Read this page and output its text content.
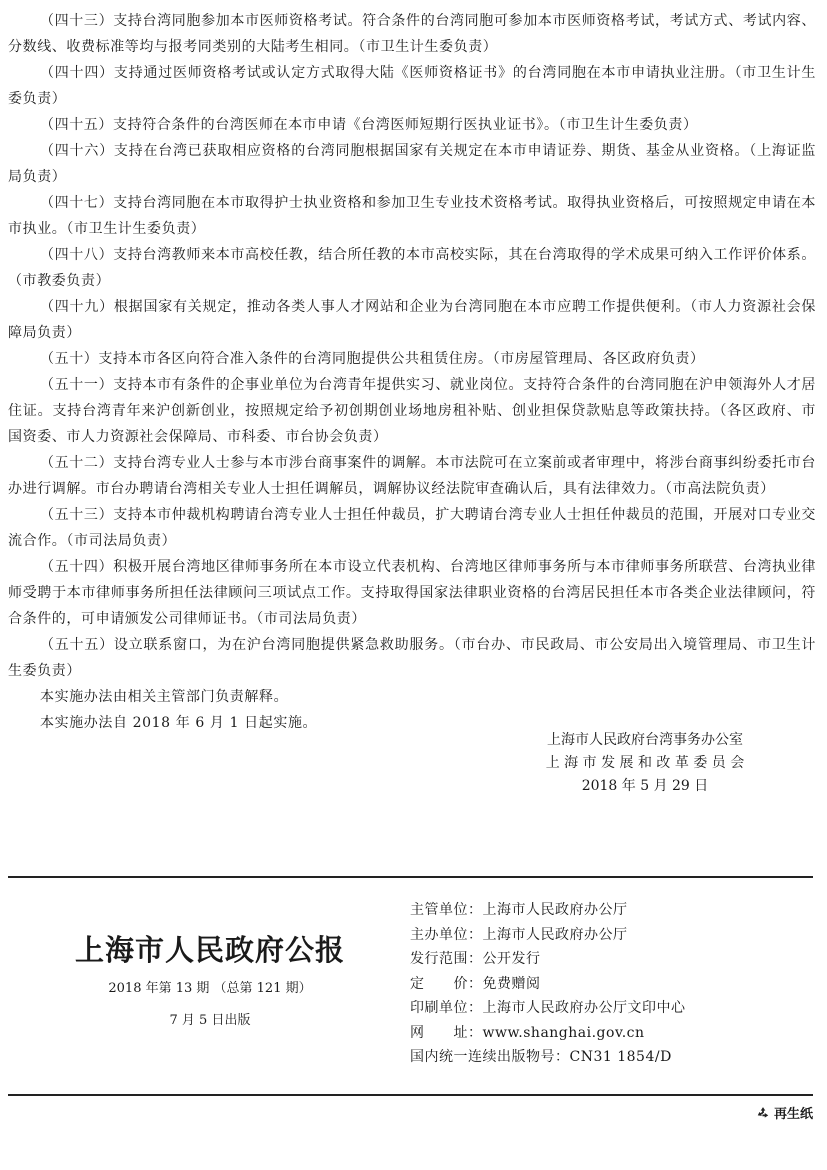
（四十三）支持台湾同胞参加本市医师资格考试。符合条件的台湾同胞可参加本市医师资格考试，考试方式、考试内容、分数线、收费标准等均与报考同类别的大陆考生相同。（市卫生计生委负责）

（四十四）支持通过医师资格考试或认定方式取得大陆《医师资格证书》的台湾同胞在本市申请执业注册。（市卫生计生委负责）

（四十五）支持符合条件的台湾医师在本市申请《台湾医师短期行医执业证书》。（市卫生计生委负责）

（四十六）支持在台湾已获取相应资格的台湾同胞根据国家有关规定在本市申请证券、期货、基金从业资格。（上海证监局负责）

（四十七）支持台湾同胞在本市取得护士执业资格和参加卫生专业技术资格考试。取得执业资格后，可按照规定申请在本市执业。（市卫生计生委负责）

（四十八）支持台湾教师来本市高校任教，结合所任教的本市高校实际，其在台湾取得的学术成果可纳入工作评价体系。（市教委负责）

（四十九）根据国家有关规定，推动各类人事人才网站和企业为台湾同胞在本市应聘工作提供便利。（市人力资源社会保障局负责）

（五十）支持本市各区向符合准入条件的台湾同胞提供公共租赁住房。（市房屋管理局、各区政府负责）

（五十一）支持本市有条件的企事业单位为台湾青年提供实习、就业岗位。支持符合条件的台湾同胞在沪申领海外人才居住证。支持台湾青年来沪创新创业，按照规定给予初创期创业场地房租补贴、创业担保贷款贴息等政策扶持。（各区政府、市国资委、市人力资源社会保障局、市科委、市台协会负责）

（五十二）支持台湾专业人士参与本市涉台商事案件的调解。本市法院可在立案前或者审理中，将涉台商事纠纷委托市台办进行调解。市台办聘请台湾相关专业人士担任调解员，调解协议经法院审查确认后，具有法律效力。（市高法院负责）

（五十三）支持本市仲裁机构聘请台湾专业人士担任仲裁员，扩大聘请台湾专业人士担任仲裁员的范围，开展对口专业交流合作。（市司法局负责）

（五十四）积极开展台湾地区律师事务所在本市设立代表机构、台湾地区律师事务所与本市律师事务所联营、台湾执业律师受聘于本市律师事务所担任法律顾问三项试点工作。支持取得国家法律职业资格的台湾居民担任本市各类企业法律顾问，符合条件的，可申请颁发公司律师证书。（市司法局负责）

（五十五）设立联系窗口，为在沪台湾同胞提供紧急救助服务。（市台办、市民政局、市公安局出入境管理局、市卫生计生委负责）

本实施办法由相关主管部门负责解释。

本实施办法自 2018 年 6 月 1 日起实施。

上海市人民政府台湾事务办公室
上 海 市 发 展 和 改 革 委 员 会
2018 年 5 月 29 日
上海市人民政府公报
2018 年第 13 期 （总第 121 期）
7 月 5 日出版
主管单位：上海市人民政府办公厅
主办单位：上海市人民政府办公厅
发行范围：公开发行
定　　价：免费赠阅
印刷单位：上海市人民政府办公厅文印中心
网　　址：www.shanghai.gov.cn
国内统一连续出版物号：CN31 1854/D
再生纸
